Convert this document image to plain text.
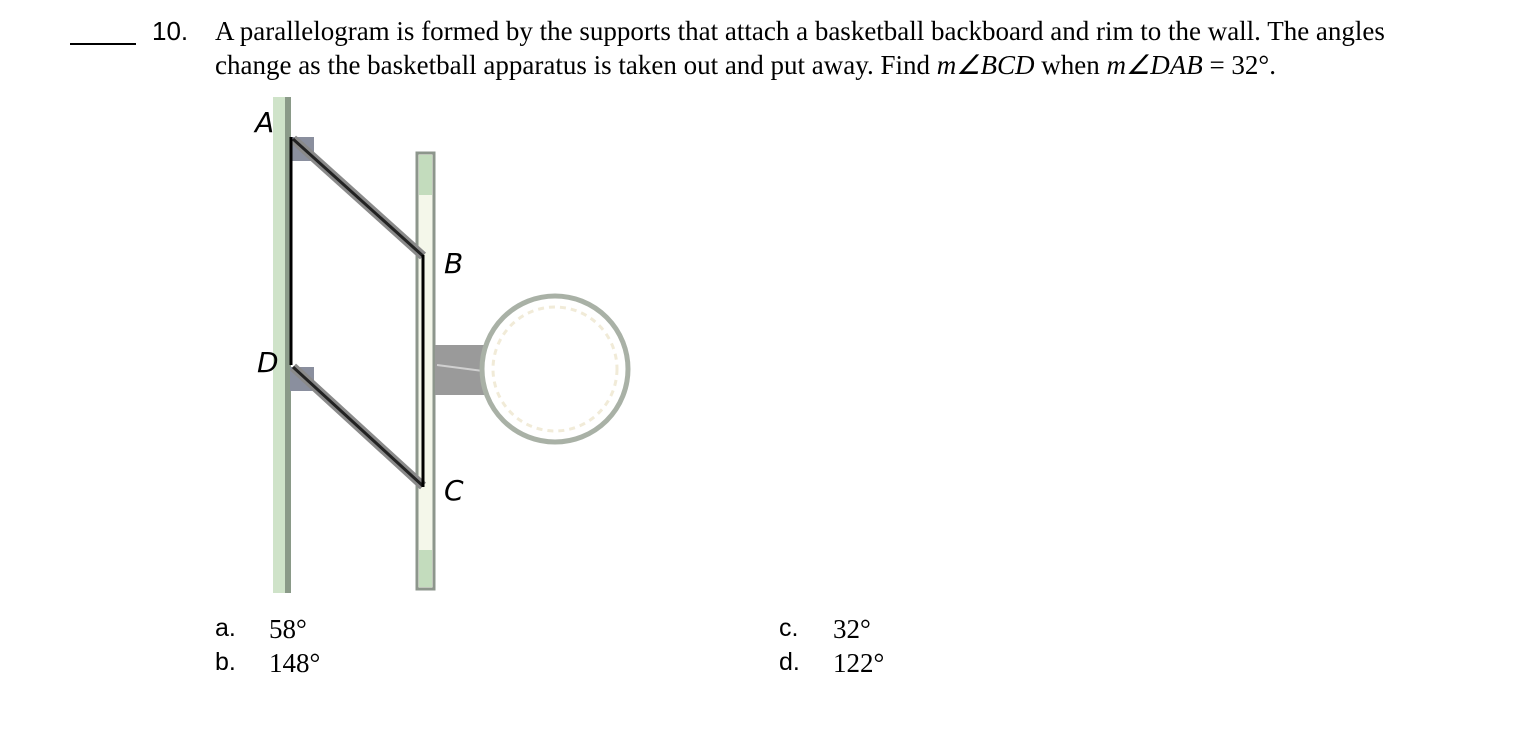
10. A parallelogram is formed by the supports that attach a basketball backboard and rim to the wall. The angles
change as the basketball apparatus is taken out and put away. Find m∠BCD when m∠DAB = 32°.
A
B
C
D
a. 58°
b. 148°
c. 32°
d. 122°
